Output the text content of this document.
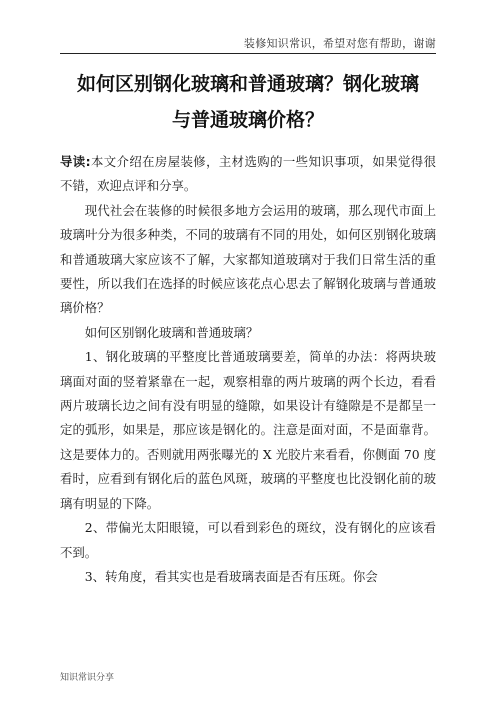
装修知识常识，希望对您有帮助，谢谢
如何区别钢化玻璃和普通玻璃？钢化玻璃
与普通玻璃价格？

导读:本文介绍在房屋装修，主材选购的一些知识事项，如果觉得很不错，欢迎点评和分享。

现代社会在装修的时候很多地方会运用的玻璃，那么现代市面上玻璃叶分为很多种类，不同的玻璃有不同的用处，如何区别钢化玻璃和普通玻璃大家应该不了解，大家都知道玻璃对于我们日常生活的重要性，所以我们在选择的时候应该花点心思去了解钢化玻璃与普通玻璃价格？

如何区别钢化玻璃和普通玻璃？

1、钢化玻璃的平整度比普通玻璃要差，简单的办法：将两块玻璃面对面的竖着紧靠在一起，观察相靠的两片玻璃的两个长边，看看两片玻璃长边之间有没有明显的缝隙，如果设计有缝隙是不是都呈一定的弧形，如果是，那应该是钢化的。注意是面对面，不是面靠背。这是要体力的。否则就用两张曝光的 X 光胶片来看看，你侧面 70 度看时，应看到有钢化后的蓝色风斑，玻璃的平整度也比没钢化前的玻璃有明显的下降。

2、带偏光太阳眼镜，可以看到彩色的斑纹，没有钢化的应该看不到。

3、转角度，看其实也是看玻璃表面是否有压斑。你会

知识常识分享
